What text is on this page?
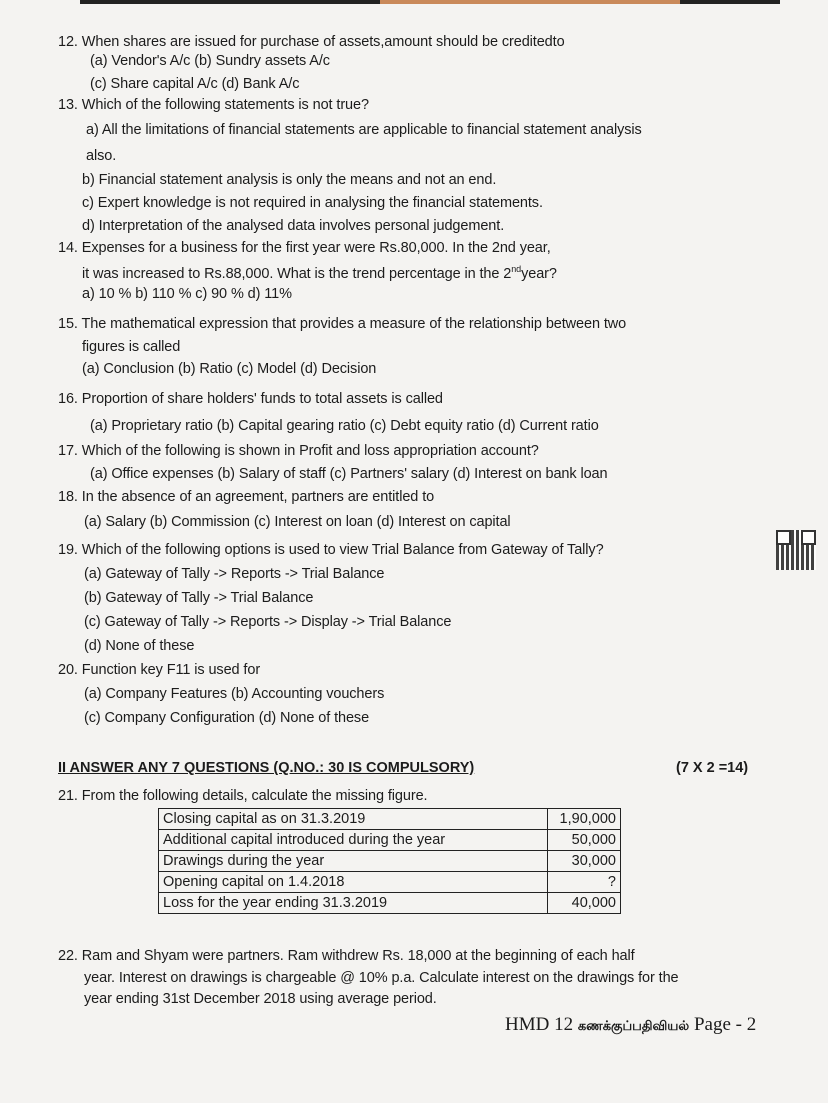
12. When shares are issued for purchase of assets,amount should be creditedto
(a) Vendor's A/c (b) Sundry assets A/c
(c) Share capital A/c (d) Bank A/c
13. Which of the following statements is not true?
a) All the limitations of financial statements are applicable to financial statement analysis
also.
b) Financial statement analysis is only the means and not an end.
c) Expert knowledge is not required in analysing the financial statements.
d) Interpretation of the analysed data involves personal judgement.
14. Expenses for a business for the first year were Rs.80,000. In the 2nd year,
it was increased to Rs.88,000. What is the trend percentage in the 2ndyear?
a) 10 % b) 110 % c) 90 % d) 11%
15. The mathematical expression that provides a measure of the relationship between two
figures is called
(a) Conclusion (b) Ratio (c) Model (d) Decision
16. Proportion of share holders' funds to total assets is called
(a) Proprietary ratio (b) Capital gearing ratio (c) Debt equity ratio (d) Current ratio
17. Which of the following is shown in Profit and loss appropriation account?
(a) Office expenses (b) Salary of staff (c) Partners' salary (d) Interest on bank loan
18. In the absence of an agreement, partners are entitled to
(a) Salary (b) Commission (c) Interest on loan (d) Interest on capital
19. Which of the following options is used to view Trial Balance from Gateway of Tally?
(a) Gateway of Tally -> Reports -> Trial Balance
(b) Gateway of Tally -> Trial Balance
(c) Gateway of Tally -> Reports -> Display -> Trial Balance
(d) None of these
20. Function key F11 is used for
(a) Company Features (b) Accounting vouchers
(c) Company Configuration (d) None of these
II ANSWER ANY 7 QUESTIONS (Q.NO.: 30 IS COMPULSORY)	(7 X 2 =14)
21. From the following details, calculate the missing figure.
Closing capital as on 31.3.2019	1,90,000
Additional capital introduced during the year	50,000
Drawings during the year	30,000
Opening capital on 1.4.2018	?
Loss for the year ending 31.3.2019	40,000
22. Ram and Shyam were partners. Ram withdrew Rs. 18,000 at the beginning of each half
year. Interest on drawings is chargeable @ 10% p.a. Calculate interest on the drawings for the
year ending 31st December 2018 using average period.
HMD 12 கணக்குப்பதிவியல் Page - 2
